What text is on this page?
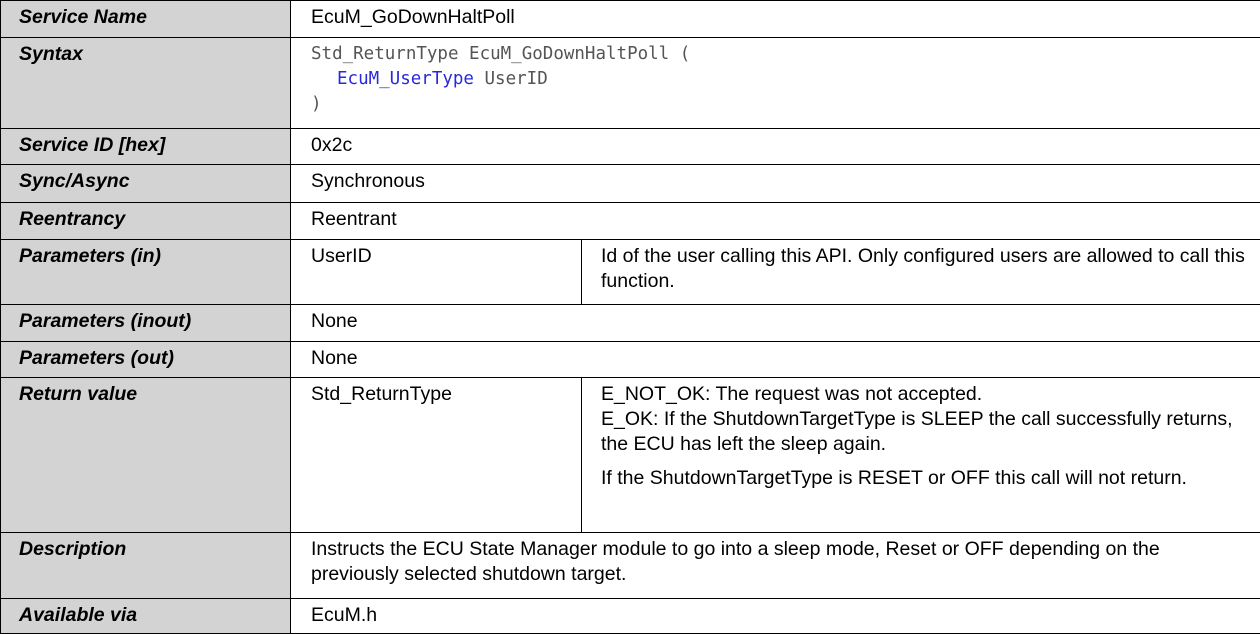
Service Name	EcuM_GoDownHaltPoll	
Syntax	Std_ReturnType EcuM_GoDownHaltPoll (
EcuM_UserType UserID
)	

Service ID [hex]	0x2c	
Sync/Async	Synchronous	
Reentrancy	Reentrant	
Parameters (in)	UserID	Id of the user calling this API. Only configured users are allowed to call this function.
Parameters (inout)	None	
Parameters (out)	None	
Return value	Std_ReturnType	E_NOT_OK: The request was not accepted.
E_OK: If the ShutdownTargetType is SLEEP the call successfully returns, the ECU has left the sleep again.
If the ShutdownTargetType is RESET or OFF this call will not return.

Description	Instructs the ECU State Manager module to go into a sleep mode, Reset or OFF depending on the previously selected shutdown target.	
Available via	EcuM.h	
